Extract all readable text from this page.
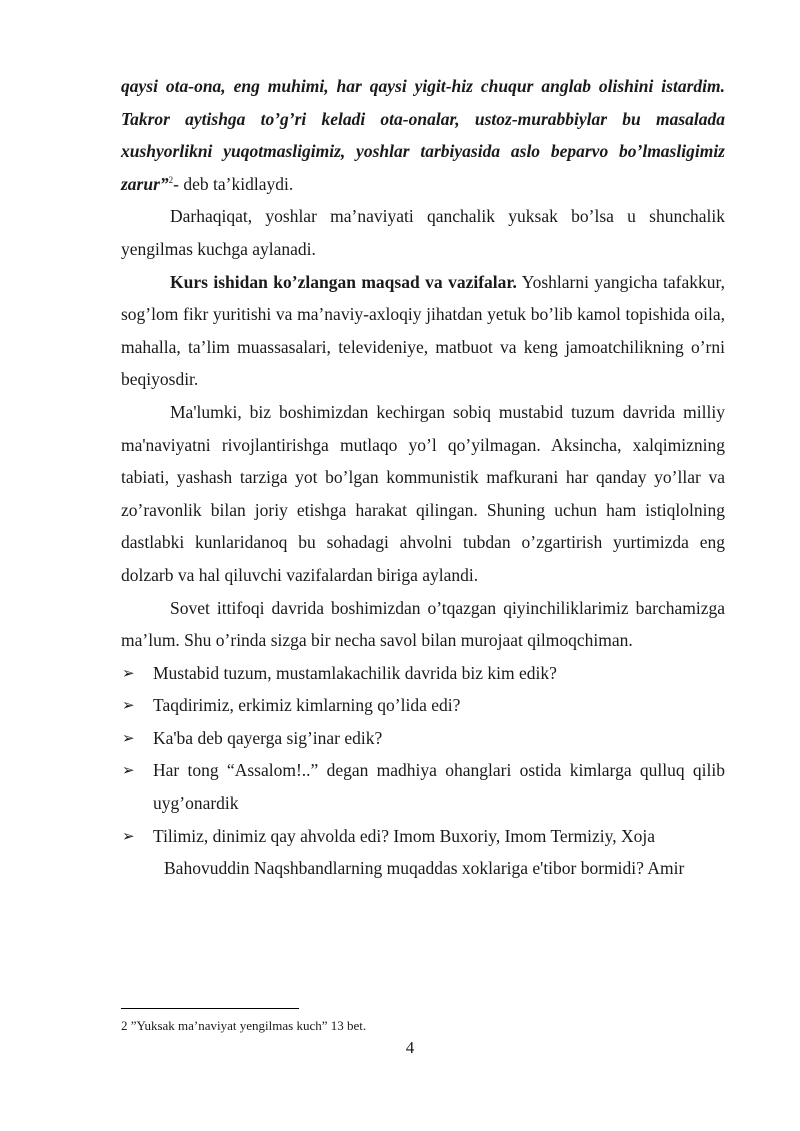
qaysi ota-ona, eng muhimi, har qaysi yigit-hiz chuqur anglab olishini istardim. Takror aytishga to’g’ri keladi ota-onalar, ustoz-murabbiylar bu masalada xushyorlikni yuqotmasligimiz, yoshlar tarbiyasida aslo beparvo bo’lmasligimiz zarur”$^2$- deb ta’kidlaydi.

Darhaqiqat, yoshlar ma’naviyati qanchalik yuksak bo’lsa u shunchalik yengilmas kuchga aylanadi.

Kurs ishidan ko’zlangan maqsad va vazifalar. Yoshlarni yangicha tafakkur, sog’lom fikr yuritishi va ma’naviy-axloqiy jihatdan yetuk bo’lib kamol topishida oila, mahalla, ta’lim muassasalari, televideniye, matbuot va keng jamoatchilikning o’rni beqiyosdir.

Ma'lumki, biz boshimizdan kechirgan sobiq mustabid tuzum davrida milliy ma'naviyatni rivojlantirishga mutlaqo yo’l qo’yilmagan. Aksincha, xalqimizning tabiati, yashash tarziga yot bo’lgan kommunistik mafkurani har qanday yo’llar va zo’ravonlik bilan joriy etishga harakat qilingan. Shuning uchun ham istiqlolning dastlabki kunlaridanoq bu sohadagi ahvolni tubdan o’zgartirish yurtimizda eng dolzarb va hal qiluvchi vazifalardan biriga aylandi.

Sovet ittifoqi davrida boshimizdan o’tqazgan qiyinchiliklarimiz barchamizga ma’lum. Shu o’rinda sizga bir necha savol bilan murojaat qilmoqchiman.

➢ Mustabid tuzum, mustamlakachilik davrida biz kim edik?
➢ Taqdirimiz, erkimiz kimlarning qo’lida edi?
➢ Ka'ba deb qayerga sig’inar edik?
➢ Har tong “Assalom!..” degan madhiya ohanglari ostida kimlarga qulluq qilib uyg’onardik
➢ Tilimiz, dinimiz qay ahvolda edi? Imom Buxoriy, Imom Termiziy, Xoja
Bahovuddin Naqshbandlarning muqaddas xoklariga e'tibor bormidi? Amir
2 ”Yuksak ma’naviyat yengilmas kuch” 13 bet.
4
